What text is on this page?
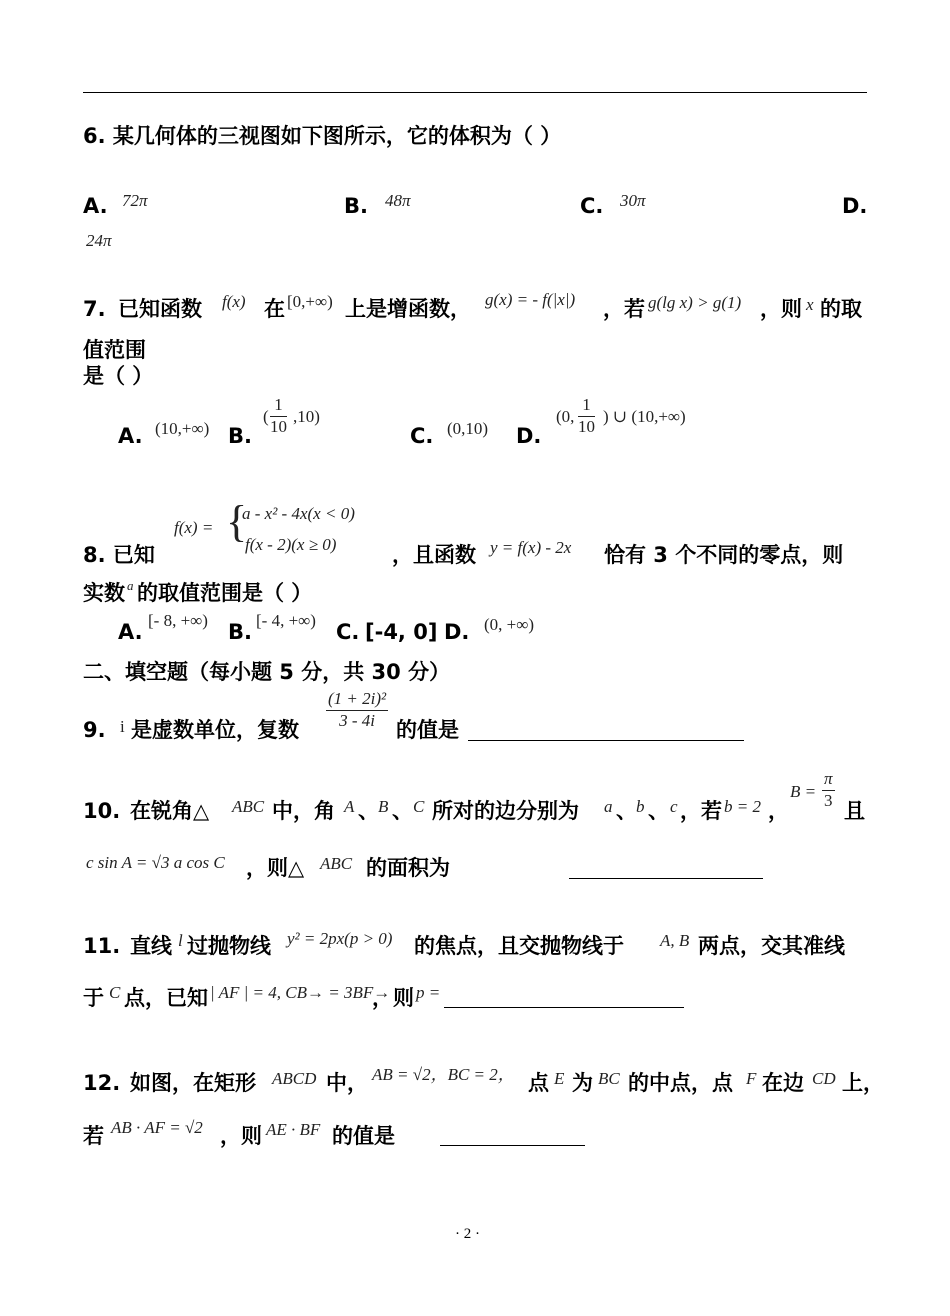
6. 某几何体的三视图如下图所示，它的体积为（ ）
A. 72π	B. 48π	C. 30π	D.
24π
7. 已知函数 f(x) 在 [0,+∞) 上是增函数， g(x) = - f(|x|) ，若 g(lg x) > g(1) ，则 x 的取
值范围
是（ ）
A. (10,+∞) B.
( $\frac{1}{10} ,10$)
C. (0,10) D.
(0, $\frac{1}{10}$ ) ∪ (10,+∞)
f(x) = {
a - x² - 4x(x < 0)
f(x - 2)(x ≥ 0)
8. 已知	，且函数 y = f(x) - 2x 恰有 3 个不同的零点，则
实数 a 的取值范围是（ ）
A. [- 8, +∞) B. [- 4, +∞) C. [-4, 0] D. (0, +∞)
二、填空题（每小题 5 分，共 30 分）
9. i 是虚数单位，复数 $\frac{\text{(1 + 2i)²}}{3 - 4i}$ 的值是
10. 在锐角△ ABC 中，角 A 、 B 、 C 所对的边分别为 a 、 b 、 c ，若 b = 2 ，
$B = \frac{\pi}{3}$ 且
c sin A = √3 a cos C ，则△ ABC 的面积为
11. 直线 l 过抛物线 y² = 2px(p > 0) 的焦点，且交抛物线于 A, B 两点，交其准线
于 C 点，已知 | AF | = 4, CB→ = 3BF→
，则 p =
12. 如图，在矩形 ABCD 中， AB = √2，BC = 2， 点 E 为 BC 的中点，点 F 在边 CD 上，
若 AB · AF = √2 ，则 AE · BF 的值是
· 2 ·
